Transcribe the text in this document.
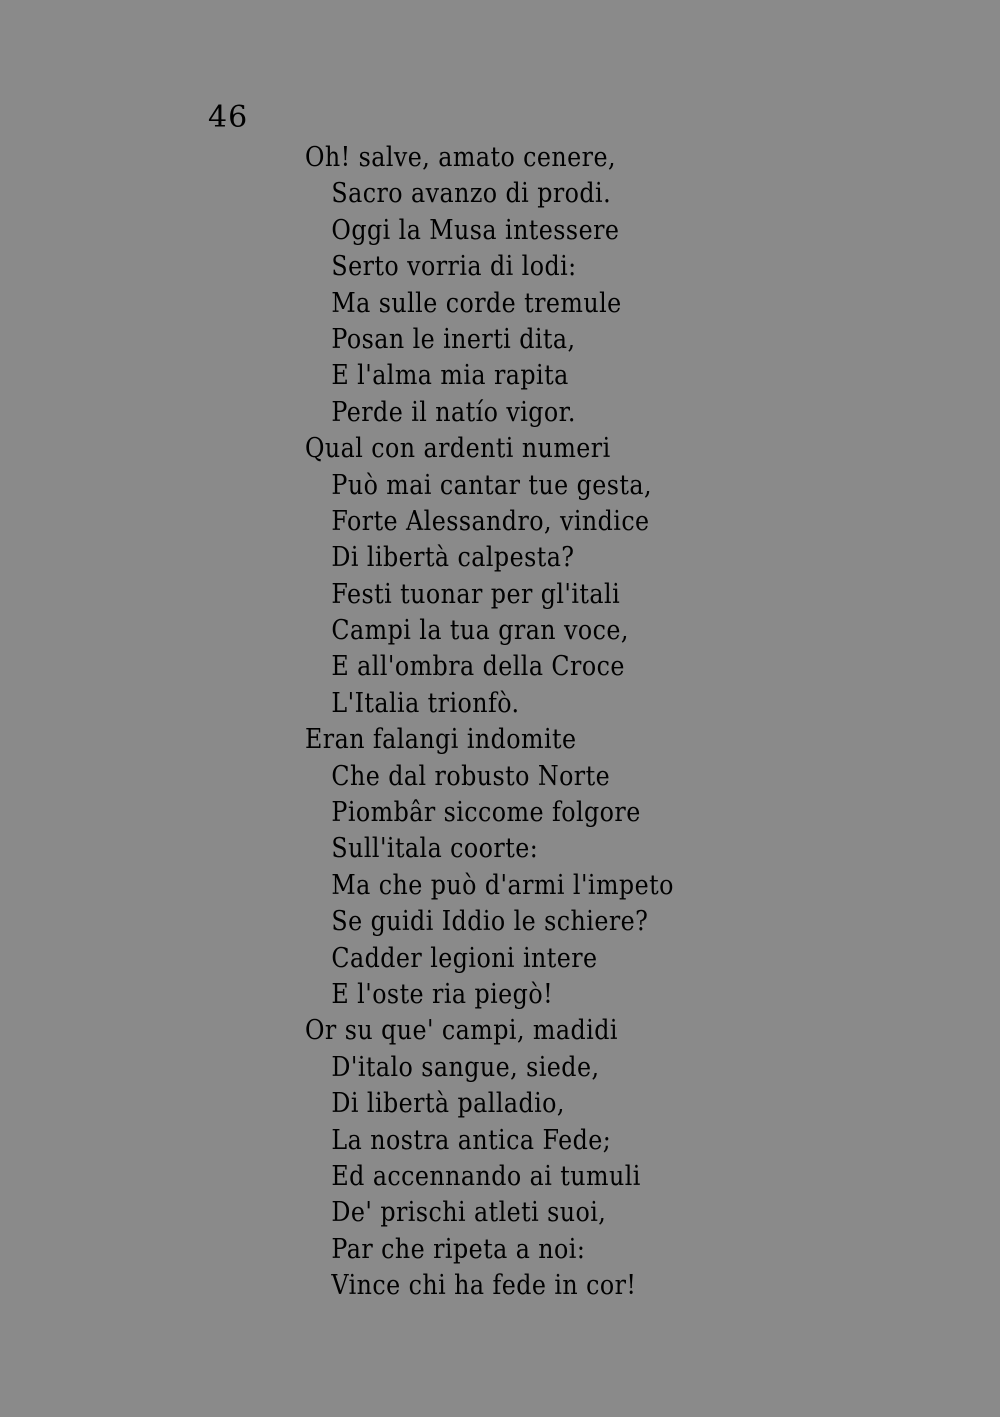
46
Oh! salve, amato cenere,
Sacro avanzo di prodi.
Oggi la Musa intessere
Serto vorria di lodi:
Ma sulle corde tremule
Posan le inerti dita,
E l'alma mia rapita
Perde il natío vigor.
Qual con ardenti numeri
Può mai cantar tue gesta,
Forte Alessandro, vindice
Di libertà calpesta?
Festi tuonar per gl'itali
Campi la tua gran voce,
E all'ombra della Croce
L'Italia trionfò.
Eran falangi indomite
Che dal robusto Norte
Piombâr siccome folgore
Sull'itala coorte:
Ma che può d'armi l'impeto
Se guidi Iddio le schiere?
Cadder legioni intere
E l'oste ria piegò!
Or su que' campi, madidi
D'italo sangue, siede,
Di libertà palladio,
La nostra antica Fede;
Ed accennando ai tumuli
De' prischi atleti suoi,
Par che ripeta a noi:
Vince chi ha fede in cor!
